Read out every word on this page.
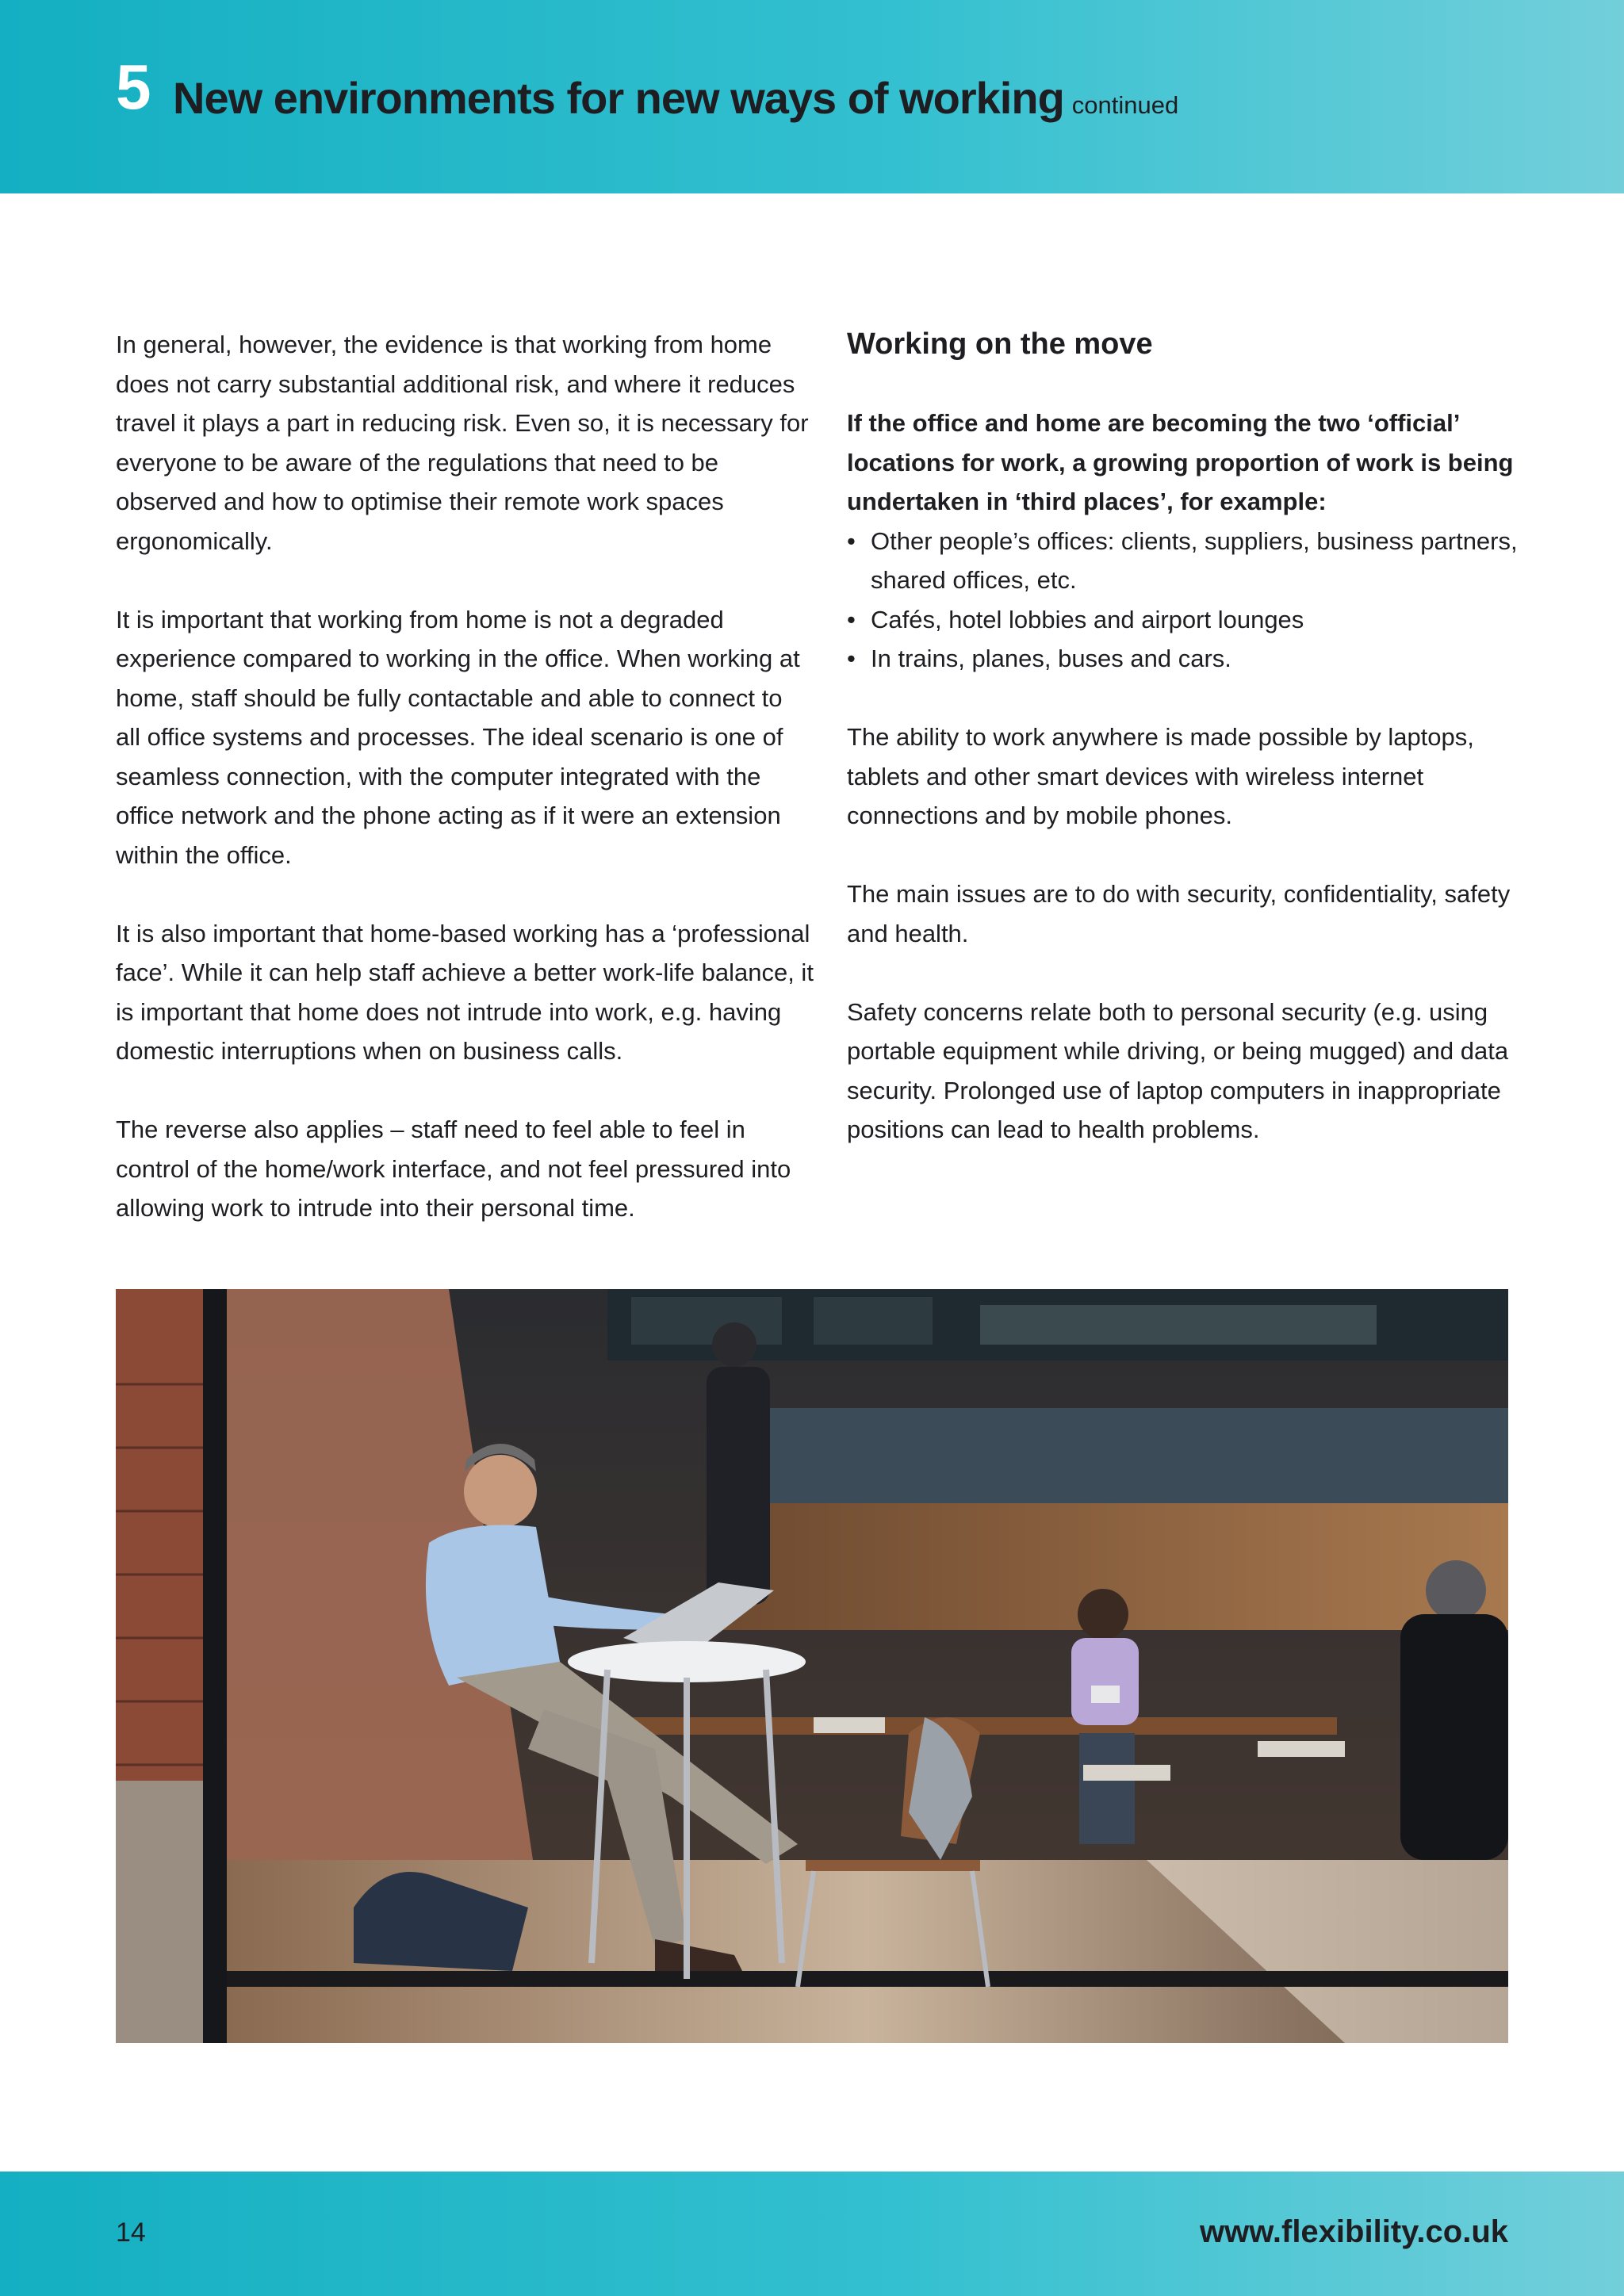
5 New environments for new ways of working continued

In general, however, the evidence is that working from home does not carry substantial additional risk, and where it reduces travel it plays a part in reducing risk. Even so, it is necessary for everyone to be aware of the regulations that need to be observed and how to optimise their remote work spaces ergonomically.

It is important that working from home is not a degraded experience compared to working in the office. When working at home, staff should be fully contactable and able to connect to all office systems and processes. The ideal scenario is one of seamless connection, with the computer integrated with the office network and the phone acting as if it were an extension within the office.

It is also important that home-based working has a ‘professional face’. While it can help staff achieve a better work-life balance, it is important that home does not intrude into work, e.g. having domestic interruptions when on business calls.

The reverse also applies – staff need to feel able to feel in control of the home/work interface, and not feel pressured into allowing work to intrude into their personal time.

Working on the move

If the office and home are becoming the two ‘official’ locations for work, a growing proportion of work is being undertaken in ‘third places’, for example:

• Other people’s offices: clients, suppliers, business partners, shared offices, etc.
• Cafés, hotel lobbies and airport lounges
• In trains, planes, buses and cars.

The ability to work anywhere is made possible by laptops, tablets and other smart devices with wireless internet connections and by mobile phones.

The main issues are to do with security, confidentiality, safety and health.

Safety concerns relate both to personal security (e.g. using portable equipment while driving, or being mugged) and data security. Prolonged use of laptop computers in inappropriate positions can lead to health problems.

14	www.flexibility.co.uk
